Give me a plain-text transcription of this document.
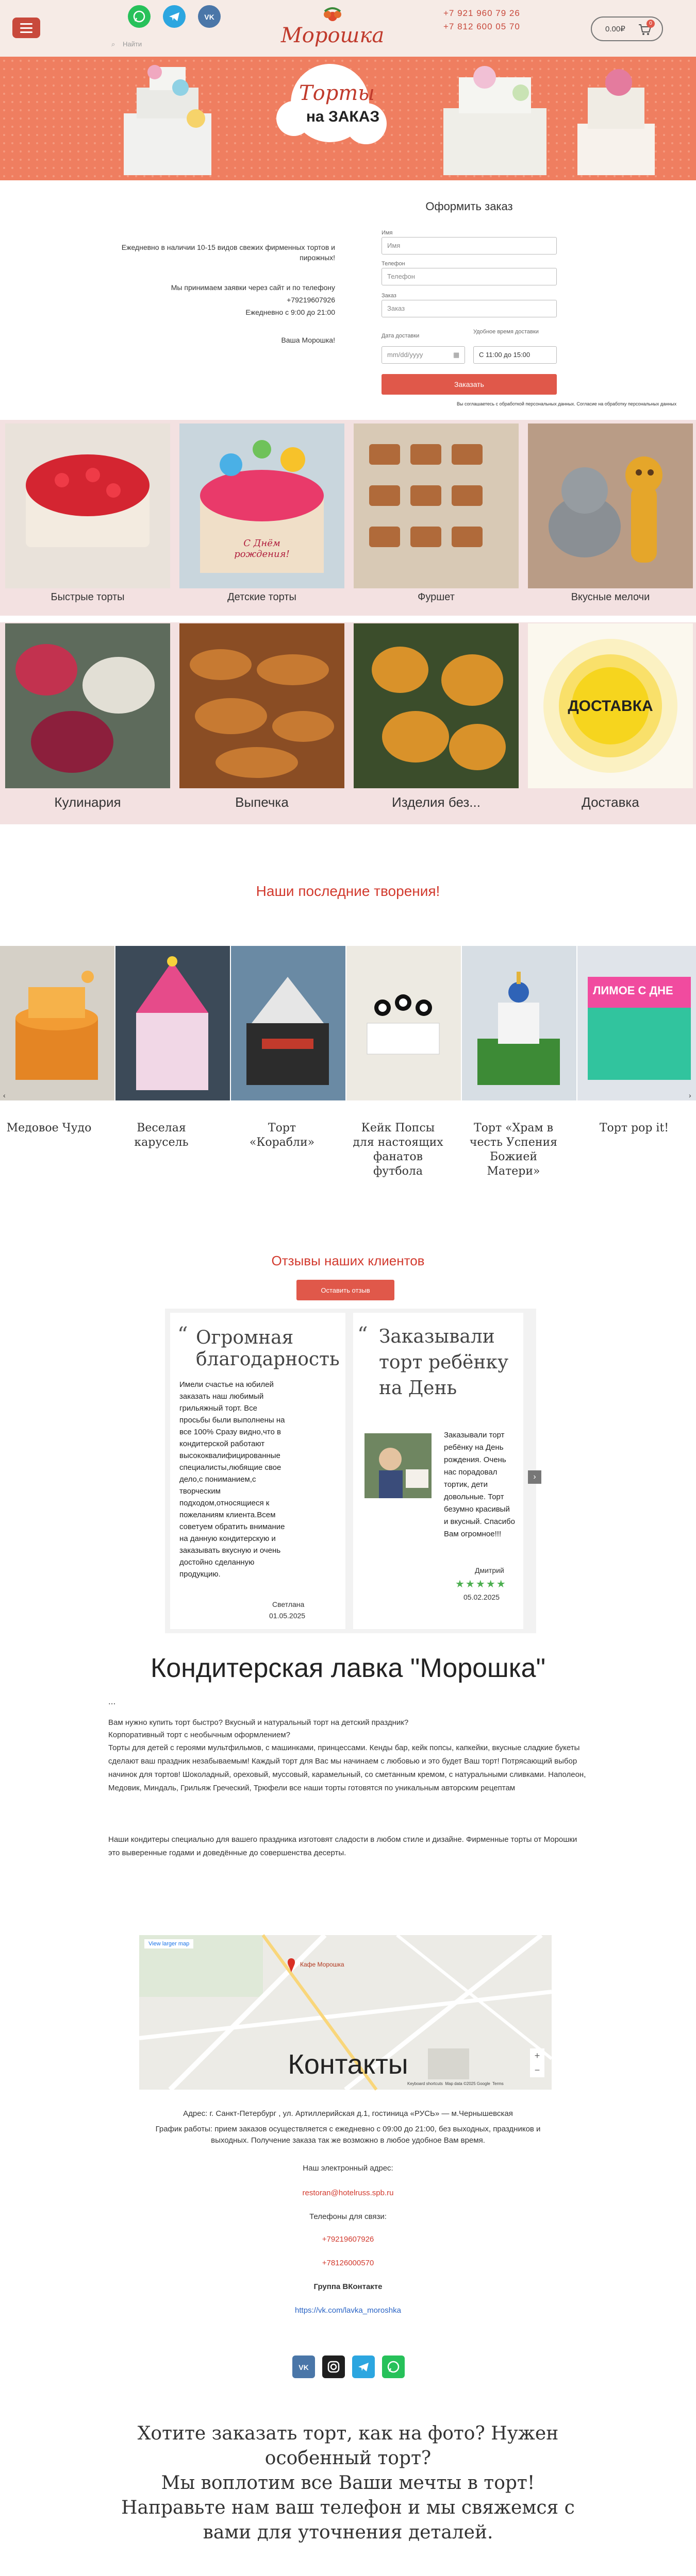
VK
⌕ Найти	Морошка
+7 921 960 79 26
+7 812 600 05 70	0.00₽
0
Торты
на ЗАКАЗ
Ежедневно в наличии 10-15 видов свежих фирменных тортов и
пирожных!
Мы принимаем заявки через сайт и по телефону
+79219607926
Ежедневно с 9:00 до 21:00
Ваша Морошка!
Оформить заказ
Имя
Имя
Телефон
Телефон
Заказ
Заказ
Дата доставки
mm/dd/yyyy	▦
Удобное время доставки
С 11:00 до 15:00
Заказать
Вы соглашаетесь с обработкой персональных данных. Согласие на обработку персональных данных
Быстрые торты
С Днём рождения!
Детские торты	Фуршет	Вкусные мелочи
Кулинария	Выпечка	Изделия без...
ДОСТАВКА
Доставка
Наши последние творения!
ЛИМОЕ С ДНЕ
‹	›
Медовое Чудо	Веселая карусель
Торт «Корабли»
Кейк Попсы для настоящих фанатов футбола
Торт «Храм в честь Успения Божией Матери»
Торт pop it!
Отзывы наших клиентов
Оставить отзыв
“ Огромная благодарность
Имели счастье на юбилей заказать наш любимый грильяжный торт. Все просьбы были выполнены на все 100% Сразу видно,что в кондитерской работают высококвалифицированные специалисты,любящие свое дело,с пониманием,с творческим подходом,относящиеся к пожеланиям клиента.Всем советуем обратить внимание на данную кондитерскую и заказывать вкусную и очень достойно сделанную продукцию.
Светлана
01.05.2025
“ Заказывали торт ребёнку на День
Заказывали торт ребёнку на День рождения. Очень нас порадовал тортик, дети довольные. Торт безумно красивый и вкусный. Спасибо Вам огромное!!!
Дмитрий
★★★★★
05.02.2025
›
Кондитерская лавка "Морошка"
...
Вам нужно купить торт быстро? Вкусный и натуральный торт на детский праздник?
Корпоративный торт с необычным оформлением?
Торты для детей с героями мультфильмов, с машинками, принцессами. Кенды бар, кейк попсы, капкейки, вкусные сладкие букеты сделают ваш праздник незабываемым! Каждый торт для Вас мы начинаем с любовью и это будет Ваш торт! Потрясающий выбор начинок для тортов! Шоколадный, ореховый, муссовый, карамельный, со сметанным кремом, с натуральными сливками. Наполеон, Медовик, Миндаль, Грильяж Греческий, Трюфели все наши торты готовятся по уникальным авторским рецептам
Наши кондитеры специально для вашего праздника изготовят сладости в любом стиле и дизайне. Фирменные торты от Морошки это выверенные годами и доведённые до совершенства десерты.
View larger map
Кафе Морошка
+
−
Keyboard shortcuts Map data ©2025 Google Terms
Контакты
Адрес: г. Санкт-Петербург , ул. Артиллерийская д.1, гостиница «РУСЬ» — м.Чернышевская
График работы: прием заказов осуществляется с ежедневно с 09:00 до 21:00, без выходных, праздников и выходных. Получение заказа так же возможно в любое удобное Вам время.
Наш электронный адрес:
restoran@hotelruss.spb.ru
Телефоны для связи:
+79219607926
+78126000570
Группа ВКонтакте
https://vk.com/lavka_moroshka
VK
Хотите заказать торт, как на фото? Нужен
особенный торт?
Мы воплотим все Ваши мечты в торт!
Направьте нам ваш телефон и мы свяжемся с
вами для уточнения деталей.
